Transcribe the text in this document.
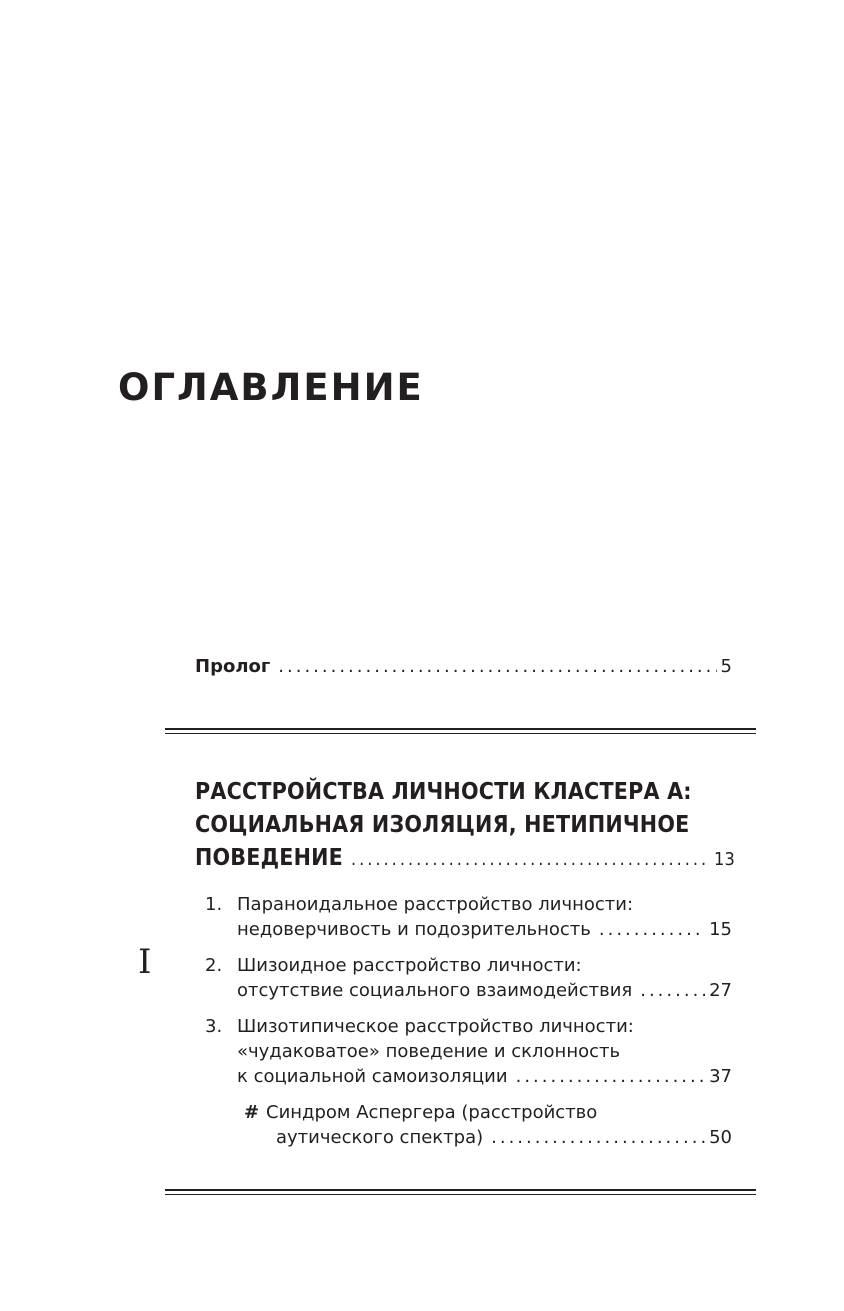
ОГЛАВЛЕНИЕ
Пролог .....	5
РАССТРОЙСТВА ЛИЧНОСТИ КЛАСТЕРА А:
СОЦИАЛЬНАЯ ИЗОЛЯЦИЯ, НЕТИПИЧНОЕ
ПОВЕДЕНИЕ .....	13
1. Параноидальное расстройство личности:
недоверчивость и подозрительность .....	15
I	2. Шизоидное расстройство личности:
отсутствие социального взаимодействия .....	27
3. Шизотипическое расстройство личности:
«чудаковатое» поведение и склонность
к социальной самоизоляции .....	37
# Синдром Аспергера (расстройство
аутического спектра) .....	50
